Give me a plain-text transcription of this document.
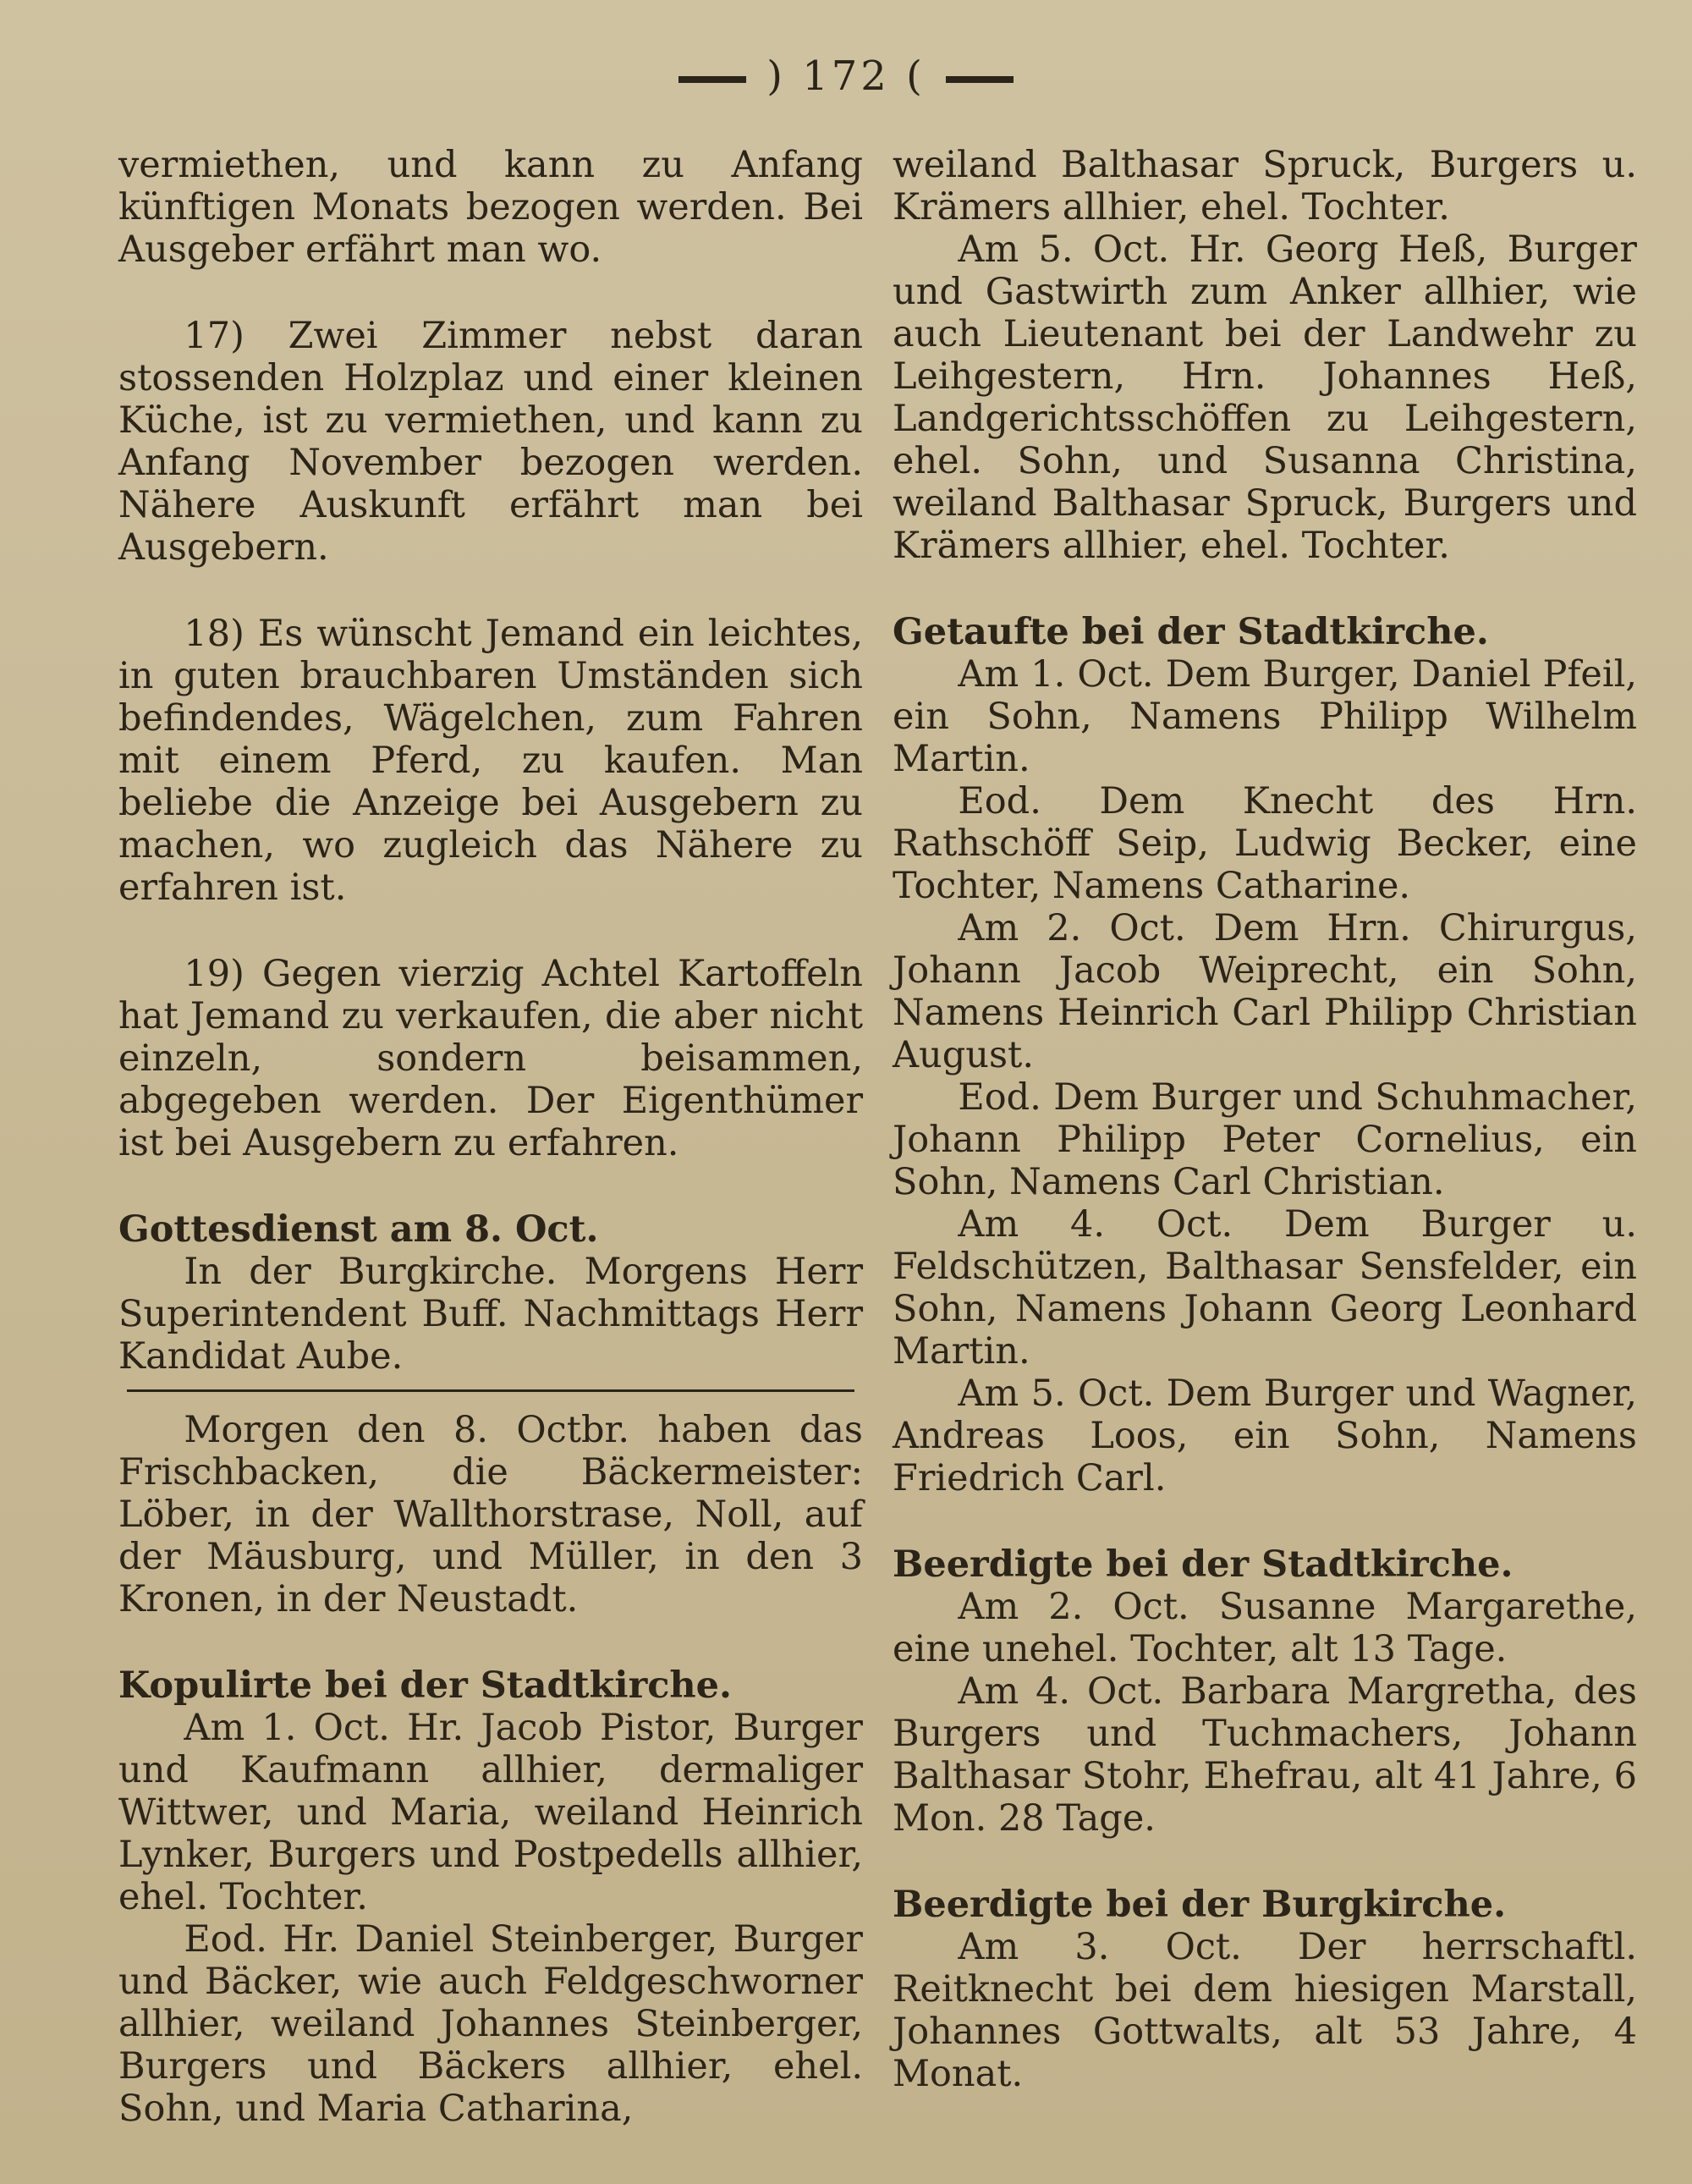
) 172 (

vermiethen, und kann zu Anfang künftigen Monats bezogen werden. Bei Ausgeber erfährt man wo.

17) Zwei Zimmer nebst daran stossenden Holzplaz und einer kleinen Küche, ist zu vermiethen, und kann zu Anfang November bezogen werden. Nähere Auskunft erfährt man bei Ausgebern.

18) Es wünscht Jemand ein leichtes, in guten brauchbaren Umständen sich befindendes, Wägelchen, zum Fahren mit einem Pferd, zu kaufen. Man beliebe die Anzeige bei Ausgebern zu machen, wo zugleich das Nähere zu erfahren ist.

19) Gegen vierzig Achtel Kartoffeln hat Jemand zu verkaufen, die aber nicht einzeln, sondern beisammen, abgegeben werden. Der Eigenthümer ist bei Ausgebern zu erfahren.

Gottesdienst am 8. Oct.

In der Burgkirche. Morgens Herr Superintendent Buff. Nachmittags Herr Kandidat Aube.

Morgen den 8. Octbr. haben das Frischbacken, die Bäckermeister: Löber, in der Wallthorstrase, Noll, auf der Mäusburg, und Müller, in den 3 Kronen, in der Neustadt.

Kopulirte bei der Stadtkirche.

Am 1. Oct. Hr. Jacob Pistor, Burger und Kaufmann allhier, dermaliger Wittwer, und Maria, weiland Heinrich Lynker, Burgers und Postpedells allhier, ehel. Tochter.

Eod. Hr. Daniel Steinberger, Burger und Bäcker, wie auch Feldgeschworner allhier, weiland Johannes Steinberger, Burgers und Bäckers allhier, ehel. Sohn, und Maria Catharina,

weiland Balthasar Spruck, Burgers u. Krämers allhier, ehel. Tochter.

Am 5. Oct. Hr. Georg Heß, Burger und Gastwirth zum Anker allhier, wie auch Lieutenant bei der Landwehr zu Leihgestern, Hrn. Johannes Heß, Landgerichtsschöffen zu Leihgestern, ehel. Sohn, und Susanna Christina, weiland Balthasar Spruck, Burgers und Krämers allhier, ehel. Tochter.

Getaufte bei der Stadtkirche.

Am 1. Oct. Dem Burger, Daniel Pfeil, ein Sohn, Namens Philipp Wilhelm Martin.

Eod. Dem Knecht des Hrn. Rathschöff Seip, Ludwig Becker, eine Tochter, Namens Catharine.

Am 2. Oct. Dem Hrn. Chirurgus, Johann Jacob Weiprecht, ein Sohn, Namens Heinrich Carl Philipp Christian August.

Eod. Dem Burger und Schuhmacher, Johann Philipp Peter Cornelius, ein Sohn, Namens Carl Christian.

Am 4. Oct. Dem Burger u. Feldschützen, Balthasar Sensfelder, ein Sohn, Namens Johann Georg Leonhard Martin.

Am 5. Oct. Dem Burger und Wagner, Andreas Loos, ein Sohn, Namens Friedrich Carl.

Beerdigte bei der Stadtkirche.

Am 2. Oct. Susanne Margarethe, eine unehel. Tochter, alt 13 Tage.

Am 4. Oct. Barbara Margretha, des Burgers und Tuchmachers, Johann Balthasar Stohr, Ehefrau, alt 41 Jahre, 6 Mon. 28 Tage.

Beerdigte bei der Burgkirche.

Am 3. Oct. Der herrschaftl. Reitknecht bei dem hiesigen Marstall, Johannes Gottwalts, alt 53 Jahre, 4 Monat.
